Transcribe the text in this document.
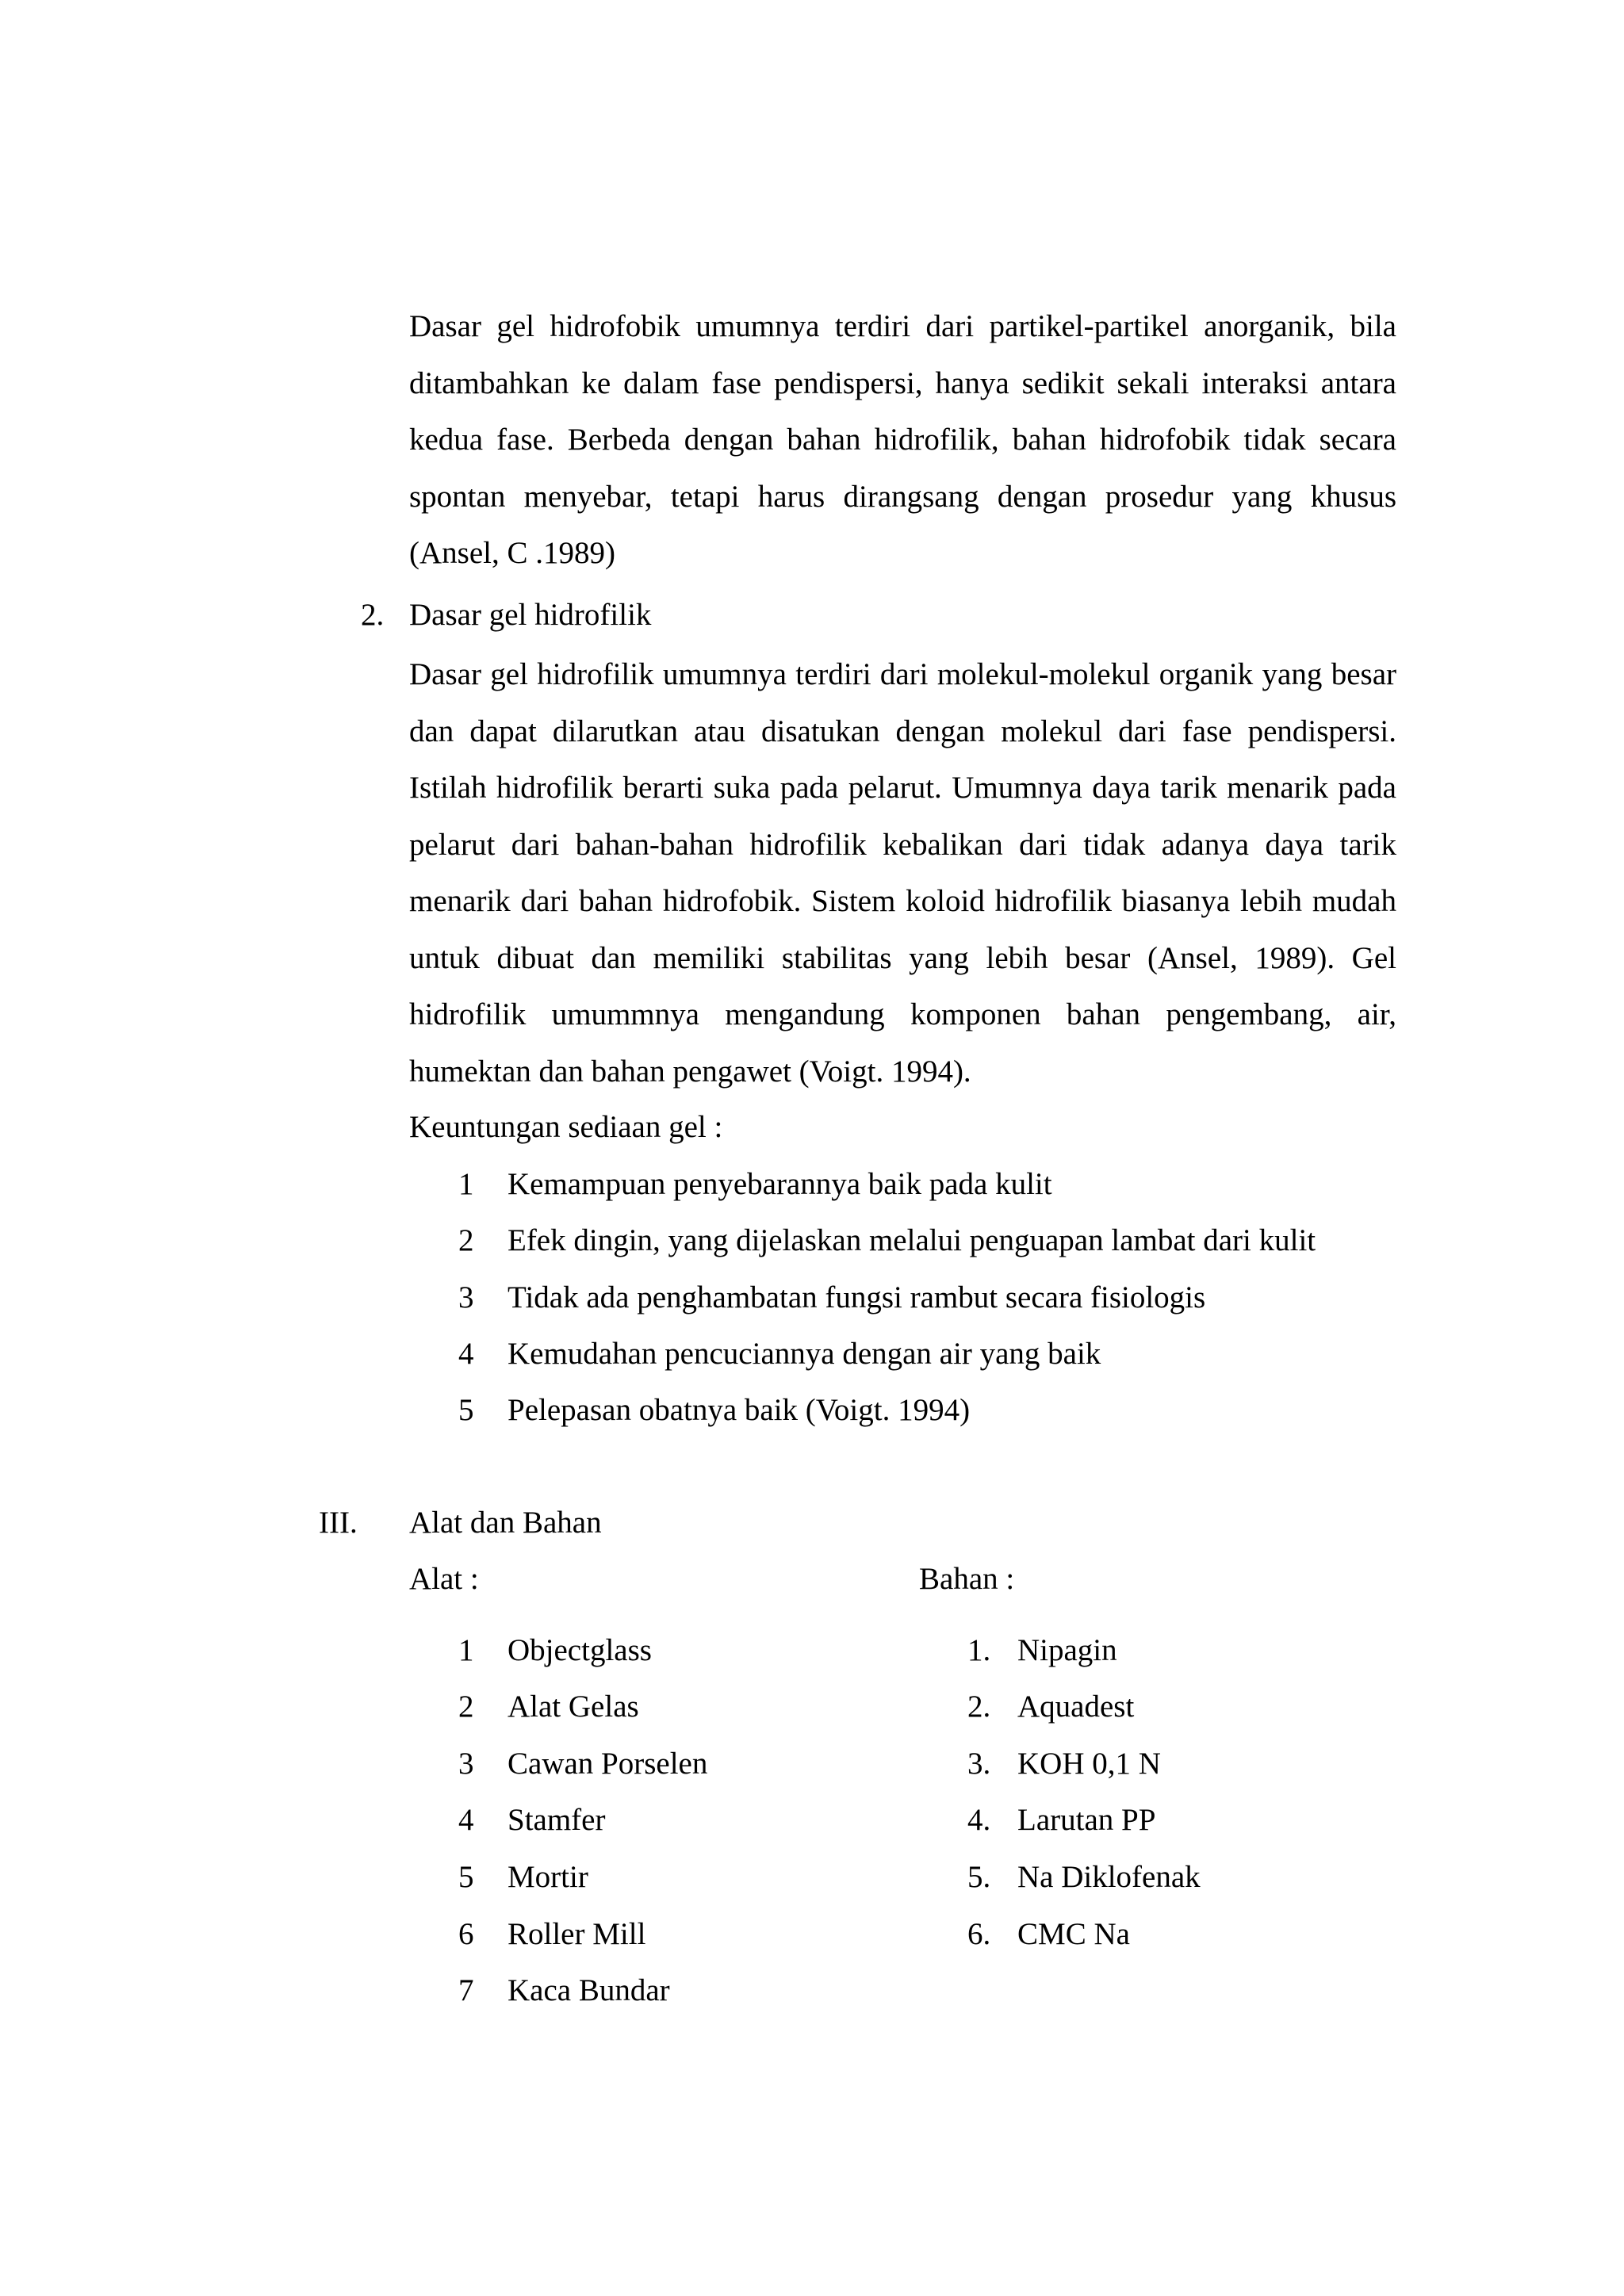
Dasar gel hidrofobik umumnya terdiri dari partikel-partikel anorganik, bila ditambahkan ke dalam fase pendispersi, hanya sedikit sekali interaksi antara kedua fase. Berbeda dengan bahan hidrofilik, bahan hidrofobik tidak secara spontan menyebar, tetapi harus dirangsang dengan prosedur yang khusus (Ansel, C .1989)

2. Dasar gel hidrofilik

Dasar gel hidrofilik umumnya terdiri dari molekul-molekul organik yang besar dan dapat dilarutkan atau disatukan dengan molekul dari fase pendispersi. Istilah hidrofilik berarti suka pada pelarut. Umumnya daya tarik menarik pada pelarut dari bahan-bahan hidrofilik kebalikan dari tidak adanya daya tarik menarik dari bahan hidrofobik. Sistem koloid hidrofilik biasanya lebih mudah untuk dibuat dan memiliki stabilitas yang lebih besar (Ansel, 1989). Gel hidrofilik umummnya mengandung komponen bahan pengembang, air, humektan dan bahan pengawet (Voigt. 1994).

Keuntungan sediaan gel :
1 Kemampuan penyebarannya baik pada kulit
2 Efek dingin, yang dijelaskan melalui penguapan lambat dari kulit
3 Tidak ada penghambatan fungsi rambut secara fisiologis
4 Kemudahan pencuciannya dengan air yang baik
5 Pelepasan obatnya baik (Voigt. 1994)
III. Alat dan Bahan
Alat :	Bahan :
1 Objectglass
2 Alat Gelas
3 Cawan Porselen
4 Stamfer
5 Mortir
6 Roller Mill
7 Kaca Bundar
1. Nipagin
2. Aquadest
3. KOH 0,1 N
4. Larutan PP
5. Na Diklofenak
6. CMC Na
